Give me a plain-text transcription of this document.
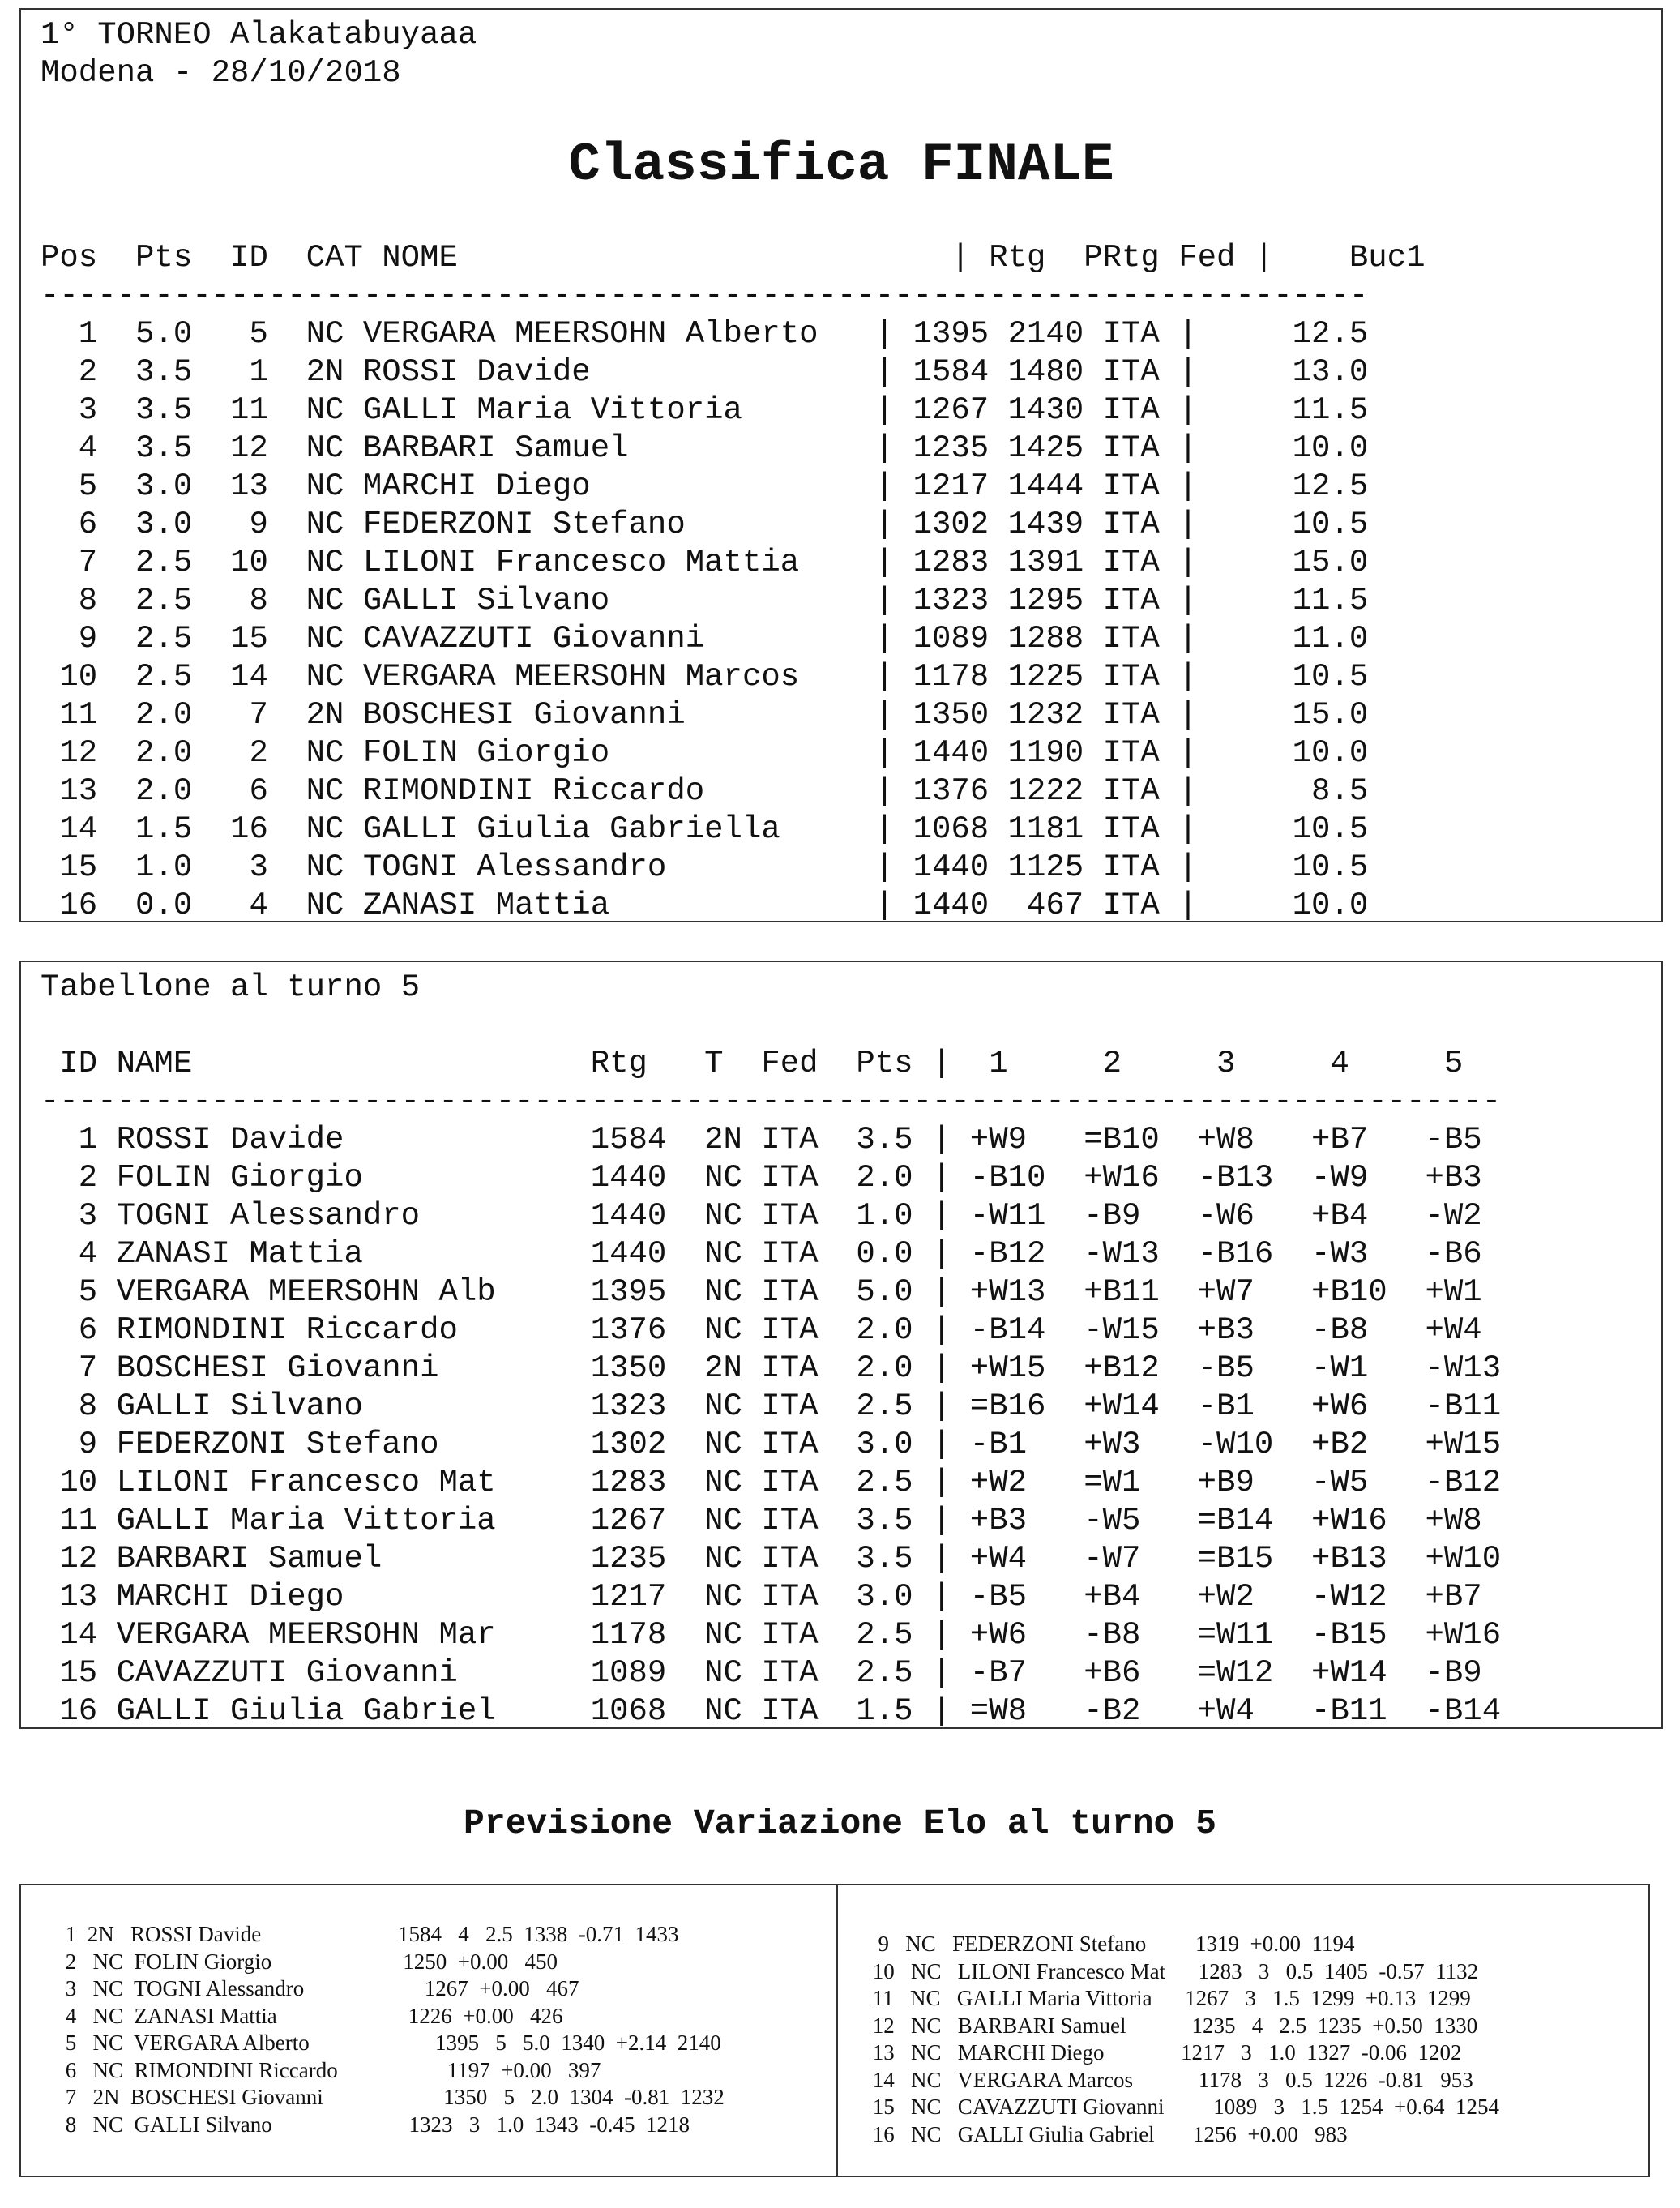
1° TORNEO Alakatabuyaaa
Modena - 28/10/2018
Classifica FINALE
Pos  Pts  ID  CAT NOME                          | Rtg  PRtg Fed |    Buc1
----------------------------------------------------------------------
1  5.0   5  NC VERGARA MEERSOHN Alberto   | 1395 2140 ITA |     12.5
2  3.5   1  2N ROSSI Davide               | 1584 1480 ITA |     13.0
3  3.5  11  NC GALLI Maria Vittoria       | 1267 1430 ITA |     11.5
4  3.5  12  NC BARBARI Samuel             | 1235 1425 ITA |     10.0
5  3.0  13  NC MARCHI Diego               | 1217 1444 ITA |     12.5
6  3.0   9  NC FEDERZONI Stefano          | 1302 1439 ITA |     10.5
7  2.5  10  NC LILONI Francesco Mattia    | 1283 1391 ITA |     15.0
8  2.5   8  NC GALLI Silvano              | 1323 1295 ITA |     11.5
9  2.5  15  NC CAVAZZUTI Giovanni         | 1089 1288 ITA |     11.0
10  2.5  14  NC VERGARA MEERSOHN Marcos    | 1178 1225 ITA |     10.5
11  2.0   7  2N BOSCHESI Giovanni          | 1350 1232 ITA |     15.0
12  2.0   2  NC FOLIN Giorgio              | 1440 1190 ITA |     10.0
13  2.0   6  NC RIMONDINI Riccardo         | 1376 1222 ITA |      8.5
14  1.5  16  NC GALLI Giulia Gabriella     | 1068 1181 ITA |     10.5
15  1.0   3  NC TOGNI Alessandro           | 1440 1125 ITA |     10.5
16  0.0   4  NC ZANASI Mattia              | 1440  467 ITA |     10.0
Tabellone al turno 5
ID NAME                     Rtg   T  Fed  Pts |  1     2     3     4     5
-----------------------------------------------------------------------------
1 ROSSI Davide             1584  2N ITA  3.5 | +W9   =B10  +W8   +B7   -B5
2 FOLIN Giorgio            1440  NC ITA  2.0 | -B10  +W16  -B13  -W9   +B3
3 TOGNI Alessandro         1440  NC ITA  1.0 | -W11  -B9   -W6   +B4   -W2
4 ZANASI Mattia            1440  NC ITA  0.0 | -B12  -W13  -B16  -W3   -B6
5 VERGARA MEERSOHN Alb     1395  NC ITA  5.0 | +W13  +B11  +W7   +B10  +W1
6 RIMONDINI Riccardo       1376  NC ITA  2.0 | -B14  -W15  +B3   -B8   +W4
7 BOSCHESI Giovanni        1350  2N ITA  2.0 | +W15  +B12  -B5   -W1   -W13
8 GALLI Silvano            1323  NC ITA  2.5 | =B16  +W14  -B1   +W6   -B11
9 FEDERZONI Stefano        1302  NC ITA  3.0 | -B1   +W3   -W10  +B2   +W15
10 LILONI Francesco Mat     1283  NC ITA  2.5 | +W2   =W1   +B9   -W5   -B12
11 GALLI Maria Vittoria     1267  NC ITA  3.5 | +B3   -W5   =B14  +W16  +W8
12 BARBARI Samuel           1235  NC ITA  3.5 | +W4   -W7   =B15  +B13  +W10
13 MARCHI Diego             1217  NC ITA  3.0 | -B5   +B4   +W2   -W12  +B7
14 VERGARA MEERSOHN Mar     1178  NC ITA  2.5 | +W6   -B8   =W11  -B15  +W16
15 CAVAZZUTI Giovanni       1089  NC ITA  2.5 | -B7   +B6   =W12  +W14  -B9
16 GALLI Giulia Gabriel     1068  NC ITA  1.5 | =W8   -B2   +W4   -B11  -B14
Previsione Variazione Elo al turno 5
1  2N   ROSSI Davide                         1584   4   2.5  1338  -0.71  1433
2   NC  FOLIN Giorgio                        1250  +0.00   450
3   NC  TOGNI Alessandro                      1267  +0.00   467
4   NC  ZANASI Mattia                        1226  +0.00   426
5   NC  VERGARA Alberto                       1395   5   5.0  1340  +2.14  2140
6   NC  RIMONDINI Riccardo                    1197  +0.00   397
7   2N  BOSCHESI Giovanni                      1350   5   2.0  1304  -0.81  1232
8   NC  GALLI Silvano                         1323   3   1.0  1343  -0.45  1218
9   NC   FEDERZONI Stefano         1319  +0.00  1194
10   NC   LILONI Francesco Mat      1283   3   0.5  1405  -0.57  1132
11   NC   GALLI Maria Vittoria      1267   3   1.5  1299  +0.13  1299
12   NC   BARBARI Samuel            1235   4   2.5  1235  +0.50  1330
13   NC   MARCHI Diego              1217   3   1.0  1327  -0.06  1202
14   NC   VERGARA Marcos            1178   3   0.5  1226  -0.81   953
15   NC   CAVAZZUTI Giovanni         1089   3   1.5  1254  +0.64  1254
16   NC   GALLI Giulia Gabriel       1256  +0.00   983
